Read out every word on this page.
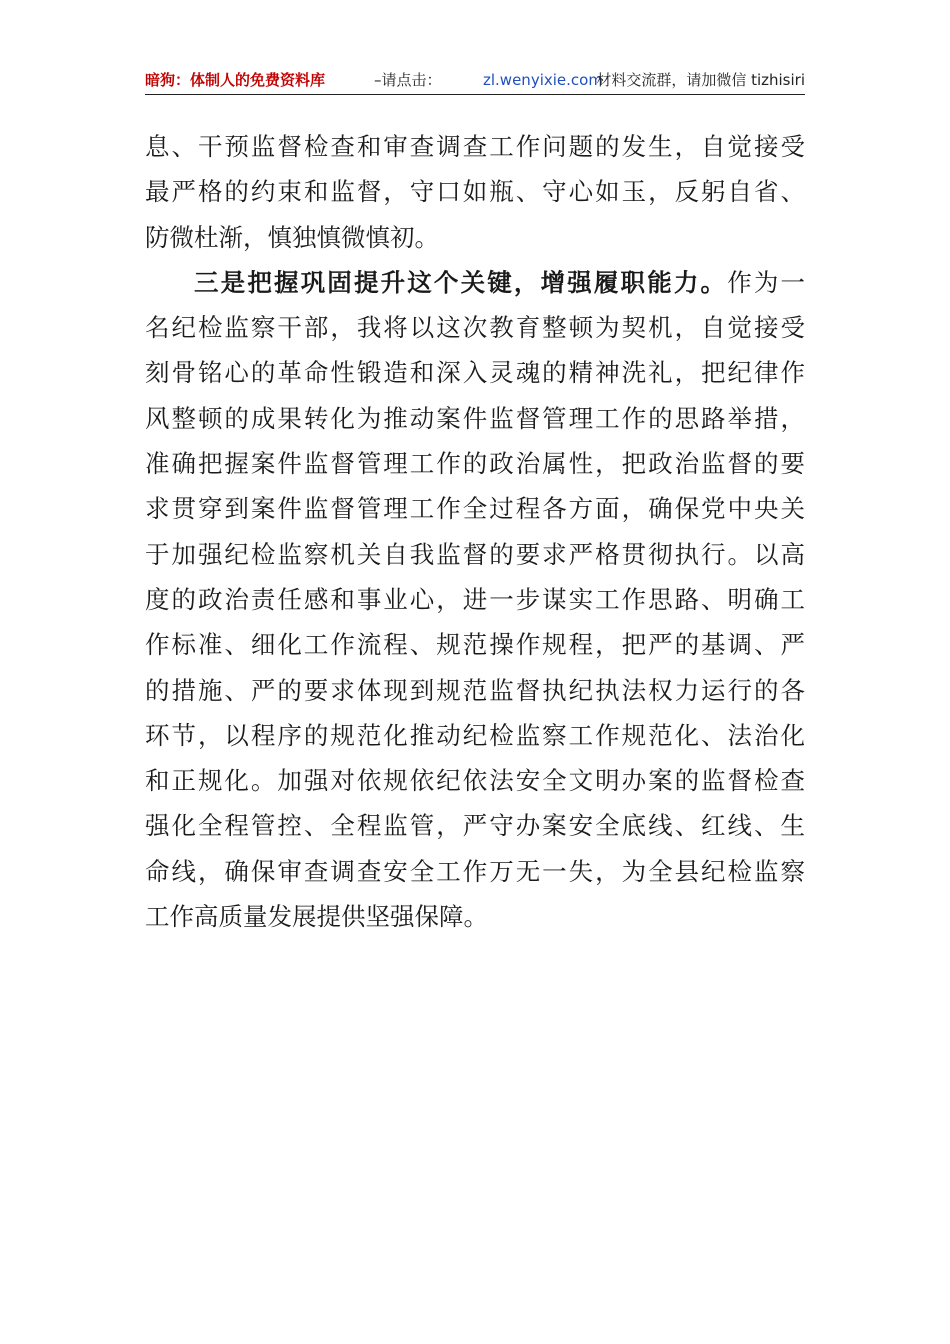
暗狗：体制人的免费资料库	–请点击：	zl.wenyixie.com
材料交流群，请加微信 tizhisiri
息、干预监督检查和审查调查工作问题的发生，自觉接受
最严格的约束和监督，守口如瓶、守心如玉，反躬自省、
防微杜渐，慎独慎微慎初。
三是把握巩固提升这个关键，增强履职能力。作为一
名纪检监察干部，我将以这次教育整顿为契机，自觉接受
刻骨铭心的革命性锻造和深入灵魂的精神洗礼，把纪律作
风整顿的成果转化为推动案件监督管理工作的思路举措，
准确把握案件监督管理工作的政治属性，把政治监督的要
求贯穿到案件监督管理工作全过程各方面，确保党中央关
于加强纪检监察机关自我监督的要求严格贯彻执行。以高
度的政治责任感和事业心，进一步谋实工作思路、明确工
作标准、细化工作流程、规范操作规程，把严的基调、严
的措施、严的要求体现到规范监督执纪执法权力运行的各
环节，以程序的规范化推动纪检监察工作规范化、法治化
和正规化。加强对依规依纪依法安全文明办案的监督检查
强化全程管控、全程监管，严守办案安全底线、红线、生
命线，确保审查调查安全工作万无一失，为全县纪检监察
工作高质量发展提供坚强保障。
